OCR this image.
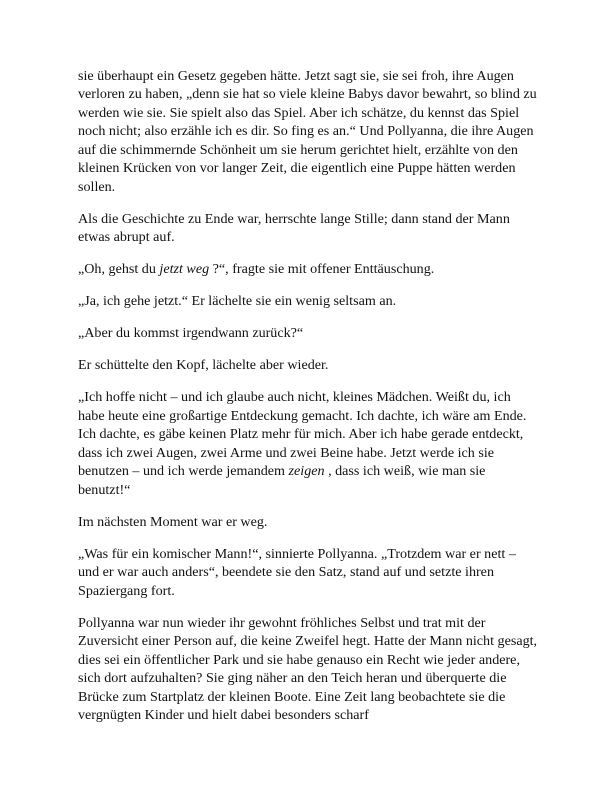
sie überhaupt ein Gesetz gegeben hätte. Jetzt sagt sie, sie sei froh, ihre Augen verloren zu haben, „denn sie hat so viele kleine Babys davor bewahrt, so blind zu werden wie sie. Sie spielt also das Spiel. Aber ich schätze, du kennst das Spiel noch nicht; also erzähle ich es dir. So fing es an.“ Und Pollyanna, die ihre Augen auf die schimmernde Schönheit um sie herum gerichtet hielt, erzählte von den kleinen Krücken von vor langer Zeit, die eigentlich eine Puppe hätten werden sollen.

Als die Geschichte zu Ende war, herrschte lange Stille; dann stand der Mann etwas abrupt auf.

„Oh, gehst du jetzt weg ?“, fragte sie mit offener Enttäuschung.

„Ja, ich gehe jetzt.“ Er lächelte sie ein wenig seltsam an.

„Aber du kommst irgendwann zurück?“

Er schüttelte den Kopf, lächelte aber wieder.

„Ich hoffe nicht – und ich glaube auch nicht, kleines Mädchen. Weißt du, ich habe heute eine großartige Entdeckung gemacht. Ich dachte, ich wäre am Ende. Ich dachte, es gäbe keinen Platz mehr für mich. Aber ich habe gerade entdeckt, dass ich zwei Augen, zwei Arme und zwei Beine habe. Jetzt werde ich sie benutzen – und ich werde jemandem zeigen , dass ich weiß, wie man sie benutzt!“

Im nächsten Moment war er weg.

„Was für ein komischer Mann!“, sinnierte Pollyanna. „Trotzdem war er nett – und er war auch anders“, beendete sie den Satz, stand auf und setzte ihren Spaziergang fort.

Pollyanna war nun wieder ihr gewohnt fröhliches Selbst und trat mit der Zuversicht einer Person auf, die keine Zweifel hegt. Hatte der Mann nicht gesagt, dies sei ein öffentlicher Park und sie habe genauso ein Recht wie jeder andere, sich dort aufzuhalten? Sie ging näher an den Teich heran und überquerte die Brücke zum Startplatz der kleinen Boote. Eine Zeit lang beobachtete sie die vergnügten Kinder und hielt dabei besonders scharf
